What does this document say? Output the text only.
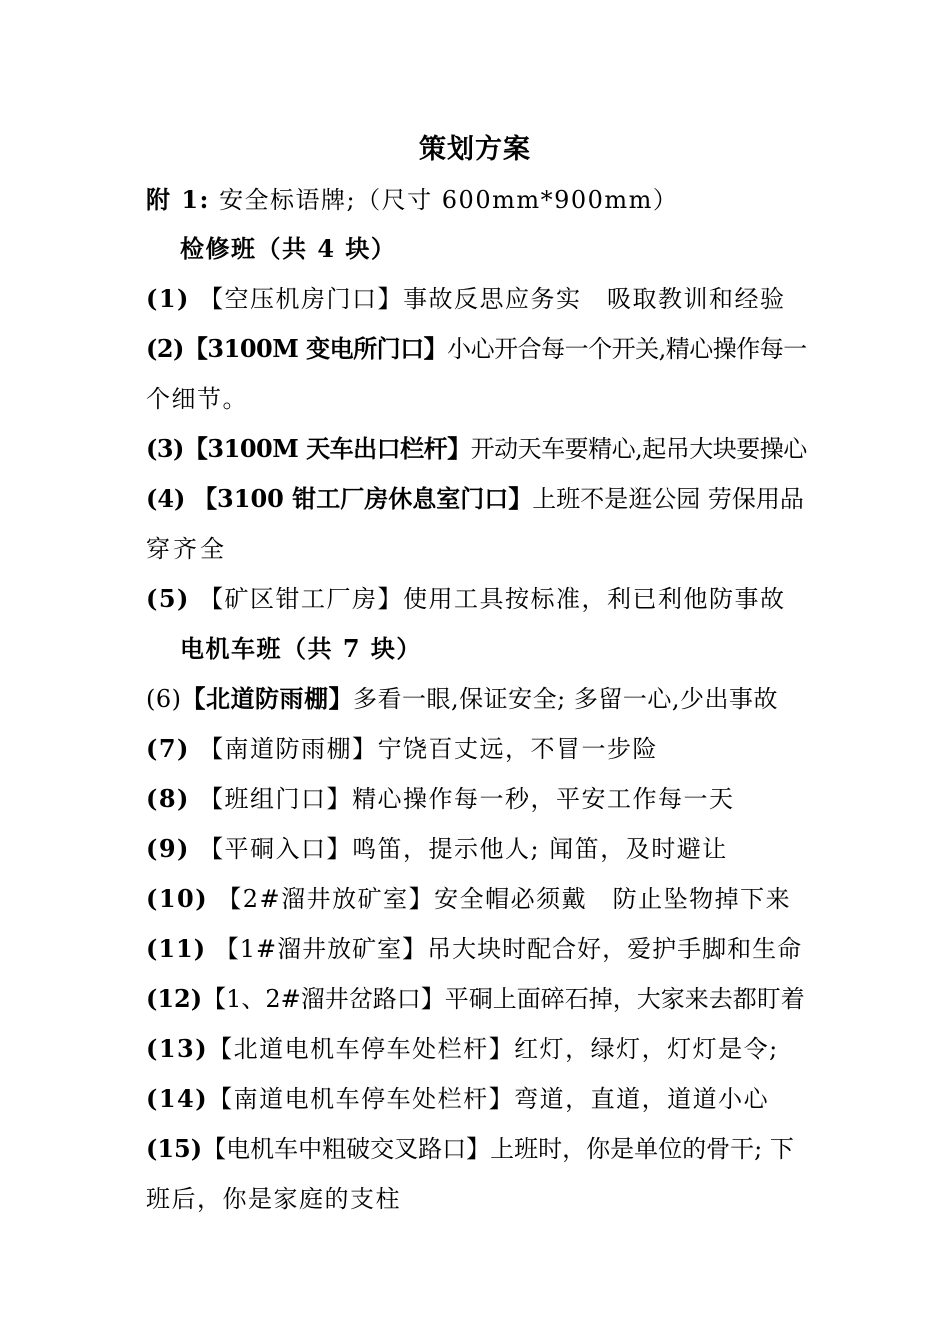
策划方案
附 1: 安全标语牌;（尺寸 600mm*900mm）
检修班（共 4 块）
(1) 【空压机房门口】事故反思应务实　吸取教训和经验
(2)【3100M 变电所门口】小心开合每一个开关,精心操作每一
个细节。
(3)【3100M 天车出口栏杆】开动天车要精心,起吊大块要操心
(4) 【3100 钳工厂房休息室门口】上班不是逛公园 劳保用品
穿齐全
(5) 【矿区钳工厂房】使用工具按标准，利已利他防事故
电机车班（共 7 块）
(6)【北道防雨棚】多看一眼,保证安全; 多留一心,少出事故
(7) 【南道防雨棚】宁饶百丈远，不冒一步险
(8) 【班组门口】精心操作每一秒，平安工作每一天
(9) 【平硐入口】鸣笛，提示他人; 闻笛，及时避让
(10) 【2#溜井放矿室】安全帽必须戴　防止坠物掉下来
(11) 【1#溜井放矿室】吊大块时配合好，爱护手脚和生命
(12)【1、2#溜井岔路口】平硐上面碎石掉，大家来去都盯着
(13)【北道电机车停车处栏杆】红灯，绿灯，灯灯是令;
(14)【南道电机车停车处栏杆】弯道，直道，道道小心
(15)【电机车中粗破交叉路口】上班时，你是单位的骨干; 下
班后，你是家庭的支柱
